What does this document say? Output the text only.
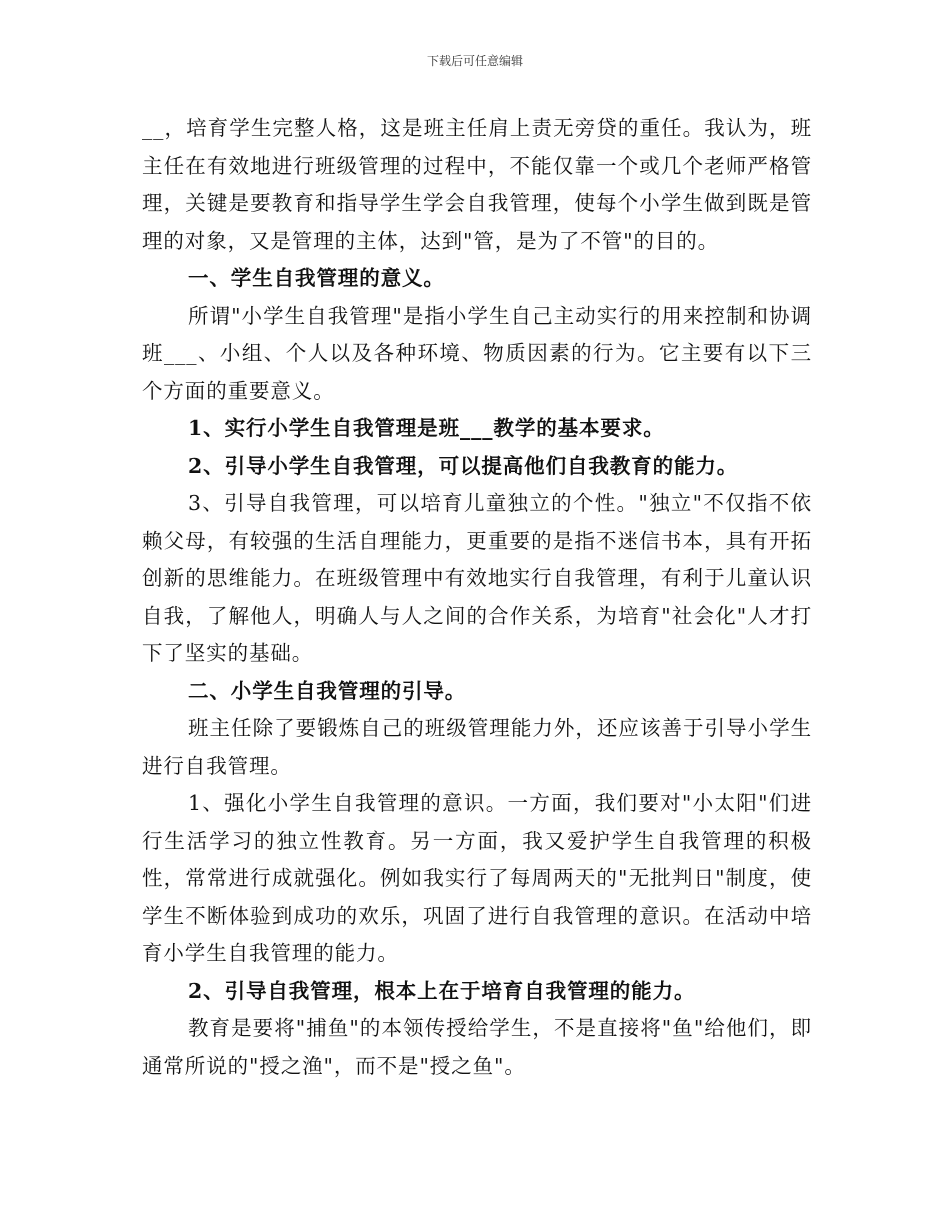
下载后可任意编辑

__，培育学生完整人格，这是班主任肩上责无旁贷的重任。我认为，班主任在有效地进行班级管理的过程中，不能仅靠一个或几个老师严格管理，关键是要教育和指导学生学会自我管理，使每个小学生做到既是管理的对象，又是管理的主体，达到"管，是为了不管"的目的。

一、学生自我管理的意义。

所谓"小学生自我管理"是指小学生自己主动实行的用来控制和协调班___、小组、个人以及各种环境、物质因素的行为。它主要有以下三个方面的重要意义。

1、实行小学生自我管理是班___教学的基本要求。

2、引导小学生自我管理，可以提高他们自我教育的能力。

3、引导自我管理，可以培育儿童独立的个性。"独立"不仅指不依赖父母，有较强的生活自理能力，更重要的是指不迷信书本，具有开拓创新的思维能力。在班级管理中有效地实行自我管理，有利于儿童认识自我，了解他人，明确人与人之间的合作关系，为培育"社会化"人才打下了坚实的基础。

二、小学生自我管理的引导。

班主任除了要锻炼自己的班级管理能力外，还应该善于引导小学生进行自我管理。

1、强化小学生自我管理的意识。一方面，我们要对"小太阳"们进行生活学习的独立性教育。另一方面，我又爱护学生自我管理的积极性，常常进行成就强化。例如我实行了每周两天的"无批判日"制度，使学生不断体验到成功的欢乐，巩固了进行自我管理的意识。在活动中培育小学生自我管理的能力。

2、引导自我管理，根本上在于培育自我管理的能力。

教育是要将"捕鱼"的本领传授给学生，不是直接将"鱼"给他们，即通常所说的"授之渔"，而不是"授之鱼"。
